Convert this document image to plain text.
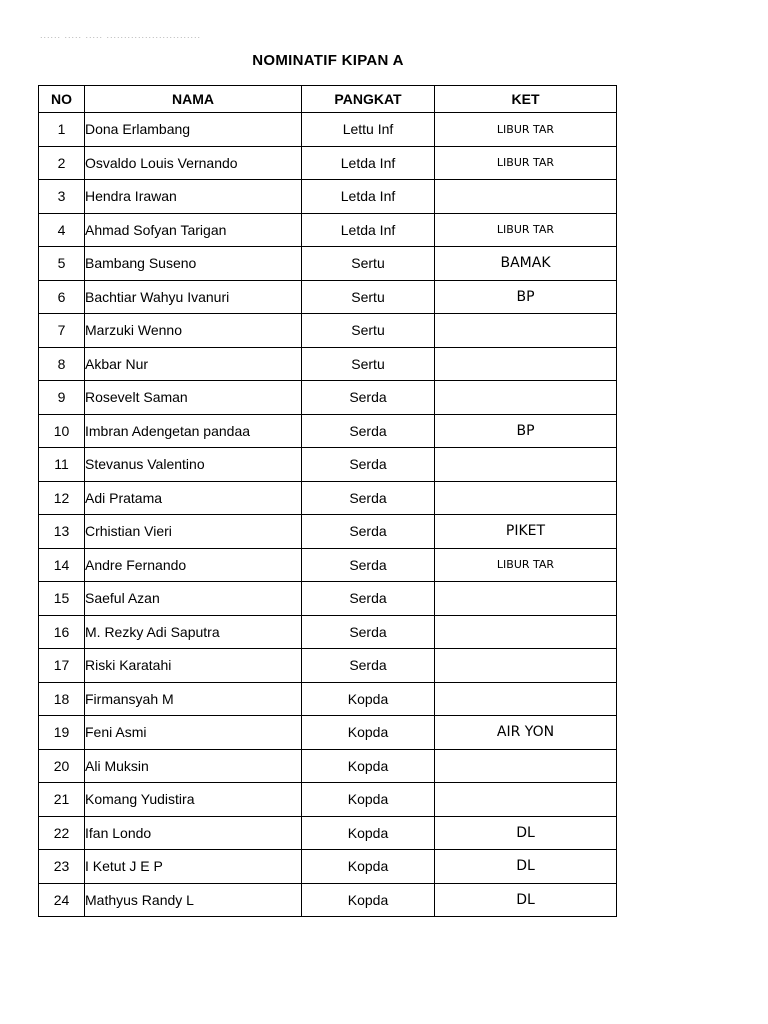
...... ..... ..... ...........................
NOMINATIF KIPAN A
NO	NAMA	PANGKAT	KET
1	Dona Erlambang	Lettu Inf	LIBUR TAR
2	Osvaldo Louis Vernando	Letda Inf	LIBUR TAR
3	Hendra Irawan	Letda Inf	
4	Ahmad Sofyan Tarigan	Letda Inf	LIBUR TAR
5	Bambang Suseno	Sertu	BAMAK
6	Bachtiar Wahyu Ivanuri	Sertu	BP
7	Marzuki Wenno	Sertu	
8	Akbar Nur	Sertu	
9	Rosevelt Saman	Serda	
10	Imbran Adengetan pandaa	Serda	BP
11	Stevanus Valentino	Serda	
12	Adi Pratama	Serda	
13	Crhistian Vieri	Serda	PIKET
14	Andre Fernando	Serda	LIBUR TAR
15	Saeful Azan	Serda	
16	M. Rezky Adi Saputra	Serda	
17	Riski Karatahi	Serda	
18	Firmansyah M	Kopda	
19	Feni Asmi	Kopda	AIR YON
20	Ali Muksin	Kopda	
21	Komang Yudistira	Kopda	
22	Ifan Londo	Kopda	DL
23	I Ketut J E P	Kopda	DL
24	Mathyus Randy L	Kopda	DL
